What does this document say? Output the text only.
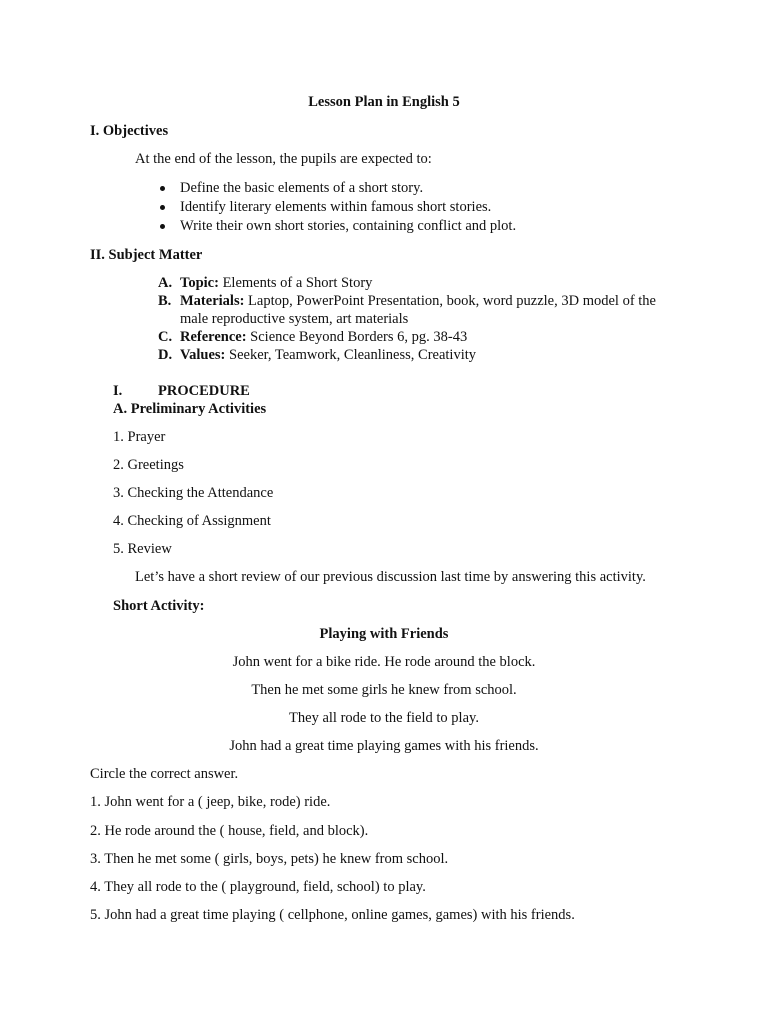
Lesson Plan in English 5
I. Objectives
At the end of the lesson, the pupils are expected to:
Define the basic elements of a short story.
Identify literary elements within famous short stories.
Write their own short stories, containing conflict and plot.
II. Subject Matter
A. Topic: Elements of a Short Story
B. Materials: Laptop, PowerPoint Presentation, book, word puzzle, 3D model of the
male reproductive system, art materials
C. Reference: Science Beyond Borders 6, pg. 38-43
D. Values: Seeker, Teamwork, Cleanliness, Creativity
I. PROCEDURE
A. Preliminary Activities
1. Prayer
2. Greetings
3. Checking the Attendance
4. Checking of Assignment
5. Review
Let’s have a short review of our previous discussion last time by answering this activity.
Short Activity:
Playing with Friends
John went for a bike ride. He rode around the block.
Then he met some girls he knew from school.
They all rode to the field to play.
John had a great time playing games with his friends.
Circle the correct answer.
1. John went for a ( jeep, bike, rode) ride.
2. He rode around the ( house, field, and block).
3. Then he met some ( girls, boys, pets) he knew from school.
4. They all rode to the ( playground, field, school) to play.
5. John had a great time playing ( cellphone, online games, games) with his friends.
